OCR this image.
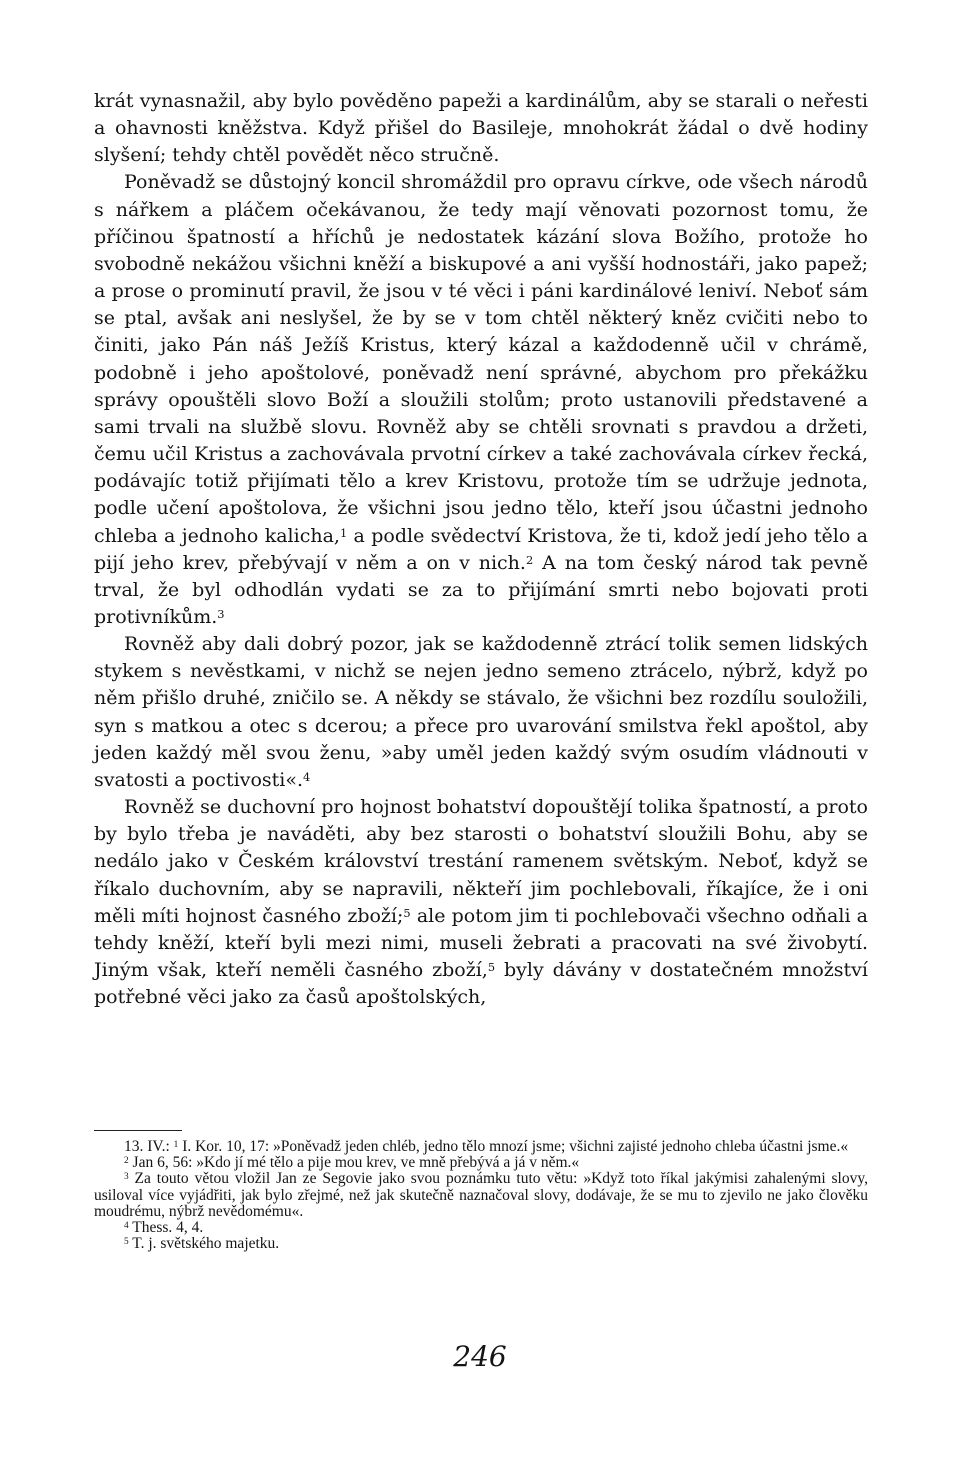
krát vynasnažil, aby bylo pověděno papeži a kardinálům, aby se starali o neřesti a ohavnosti kněžstva. Když přišel do Basileje, mnohokrát žádal o dvě hodiny slyšení; tehdy chtěl povědět něco stručně.

Poněvadž se důstojný koncil shromáždil pro opravu církve, ode všech národů s nářkem a pláčem očekávanou, že tedy mají věnovati pozornost tomu, že příčinou špatností a hříchů je nedostatek kázání slova Božího, protože ho svobodně nekážou všichni kněží a biskupové a ani vyšší hodnostáři, jako papež; a prose o prominutí pravil, že jsou v té věci i páni kardinálové leniví. Neboť sám se ptal, avšak ani neslyšel, že by se v tom chtěl některý kněz cvičiti nebo to činiti, jako Pán náš Ježíš Kristus, který kázal a každodenně učil v chrámě, podobně i jeho apoštolové, poněvadž není správné, abychom pro překážku správy opouštěli slovo Boží a sloužili stolům; proto ustanovili představené a sami trvali na službě slovu. Rovněž aby se chtěli srovnati s pravdou a držeti, čemu učil Kristus a zachovávala prvotní církev a také zachovávala církev řecká, podávajíc totiž přijímati tělo a krev Kristovu, protože tím se udržuje jednota, podle učení apoštolova, že všichni jsou jedno tělo, kteří jsou účastni jednoho chleba a jednoho kalicha,$^1$ a podle svědectví Kristova, že ti, kdož jedí jeho tělo a pijí jeho krev, přebývají v něm a on v nich.$^2$ A na tom český národ tak pevně trval, že byl odhodlán vydati se za to přijímání smrti nebo bojovati proti protivníkům.$^3$

Rovněž aby dali dobrý pozor, jak se každodenně ztrácí tolik semen lidských stykem s nevěstkami, v nichž se nejen jedno semeno ztrácelo, nýbrž, když po něm přišlo druhé, zničilo se. A někdy se stávalo, že všichni bez rozdílu souložili, syn s matkou a otec s dcerou; a přece pro uvarování smilstva řekl apoštol, aby jeden každý měl svou ženu, »aby uměl jeden každý svým osudím vládnouti v svatosti a poctivosti«.$^4$

Rovněž se duchovní pro hojnost bohatství dopouštějí tolika špatností, a proto by bylo třeba je naváděti, aby bez starosti o bohatství sloužili Bohu, aby se nedálo jako v Českém království trestání ramenem světským. Neboť, když se říkalo duchovním, aby se napravili, někteří jim pochlebovali, říkajíce, že i oni měli míti hojnost časného zboží;$^5$ ale potom jim ti pochlebovači všechno odňali a tehdy kněží, kteří byli mezi nimi, museli žebrati a pracovati na své živobytí. Jiným však, kteří neměli časného zboží,$^5$ byly dávány v dostatečném množství potřebné věci jako za časů apoštolských,

13. IV.: $^1$ I. Kor. 10, 17: »Poněvadž jeden chléb, jedno tělo mnozí jsme; všichni zajisté jednoho chleba účastni jsme.«

$^2$ Jan 6, 56: »Kdo jí mé tělo a pije mou krev, ve mně přebývá a já v něm.«

$^3$ Za touto větou vložil Jan ze Segovie jako svou poznámku tuto větu: »Když toto říkal jakýmisi zahalenými slovy, usiloval více vyjádřiti, jak bylo zřejmé, než jak skutečně naznačoval slovy, dodávaje, že se mu to zjevilo ne jako člověku moudrému, nýbrž nevědomému«.

$^4$ Thess. 4, 4.

$^5$ T. j. světského majetku.

246
